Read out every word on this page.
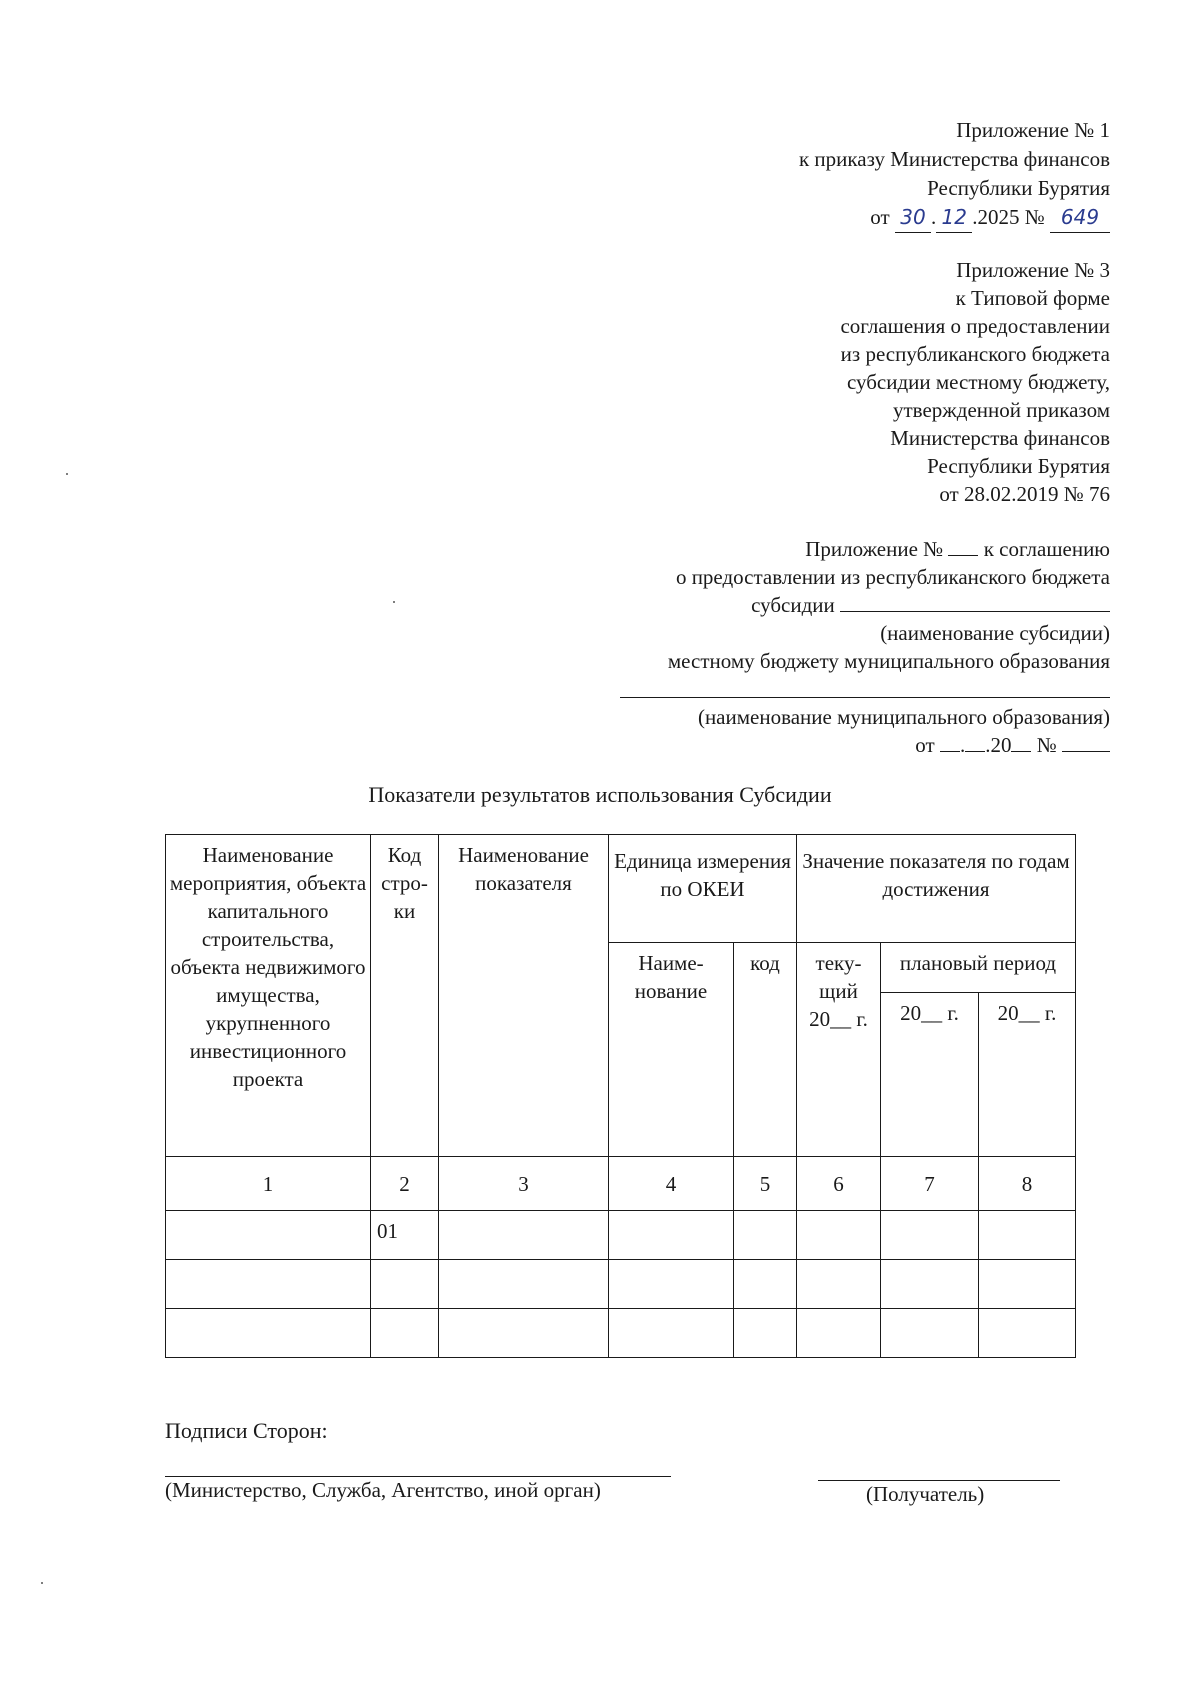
Приложение № 1
к приказу Министерства финансов
Республики Бурятия
от 30 . 12 .2025 № 649
Приложение № 3
к Типовой форме
соглашения о предоставлении
из республиканского бюджета
субсидии местному бюджету,
утвержденной приказом
Министерства финансов
Республики Бурятия
от 28.02.2019 № 76
Приложение № к соглашению
о предоставлении из республиканского бюджета
субсидии
(наименование субсидии)
местному бюджету муниципального образования
(наименование муниципального образования)
от . .20 №
Показатели результатов использования Субсидии
Наименование мероприятия, объекта капитального строительства, объекта недвижимого имущества, укрупненного инвестиционного проекта	Код стро-ки	Наименование показателя	Единица измерения по ОКЕИ		Значение показателя по годам достижения		
			Наиме-нование	код	теку-щий 20__ г.	плановый период	
						20__ г.	20__ г.
1	2	3	4	5	6	7	8
	01						

Подписи Сторон:
(Министерство, Служба, Агентство, иной орган)	(Получатель)
